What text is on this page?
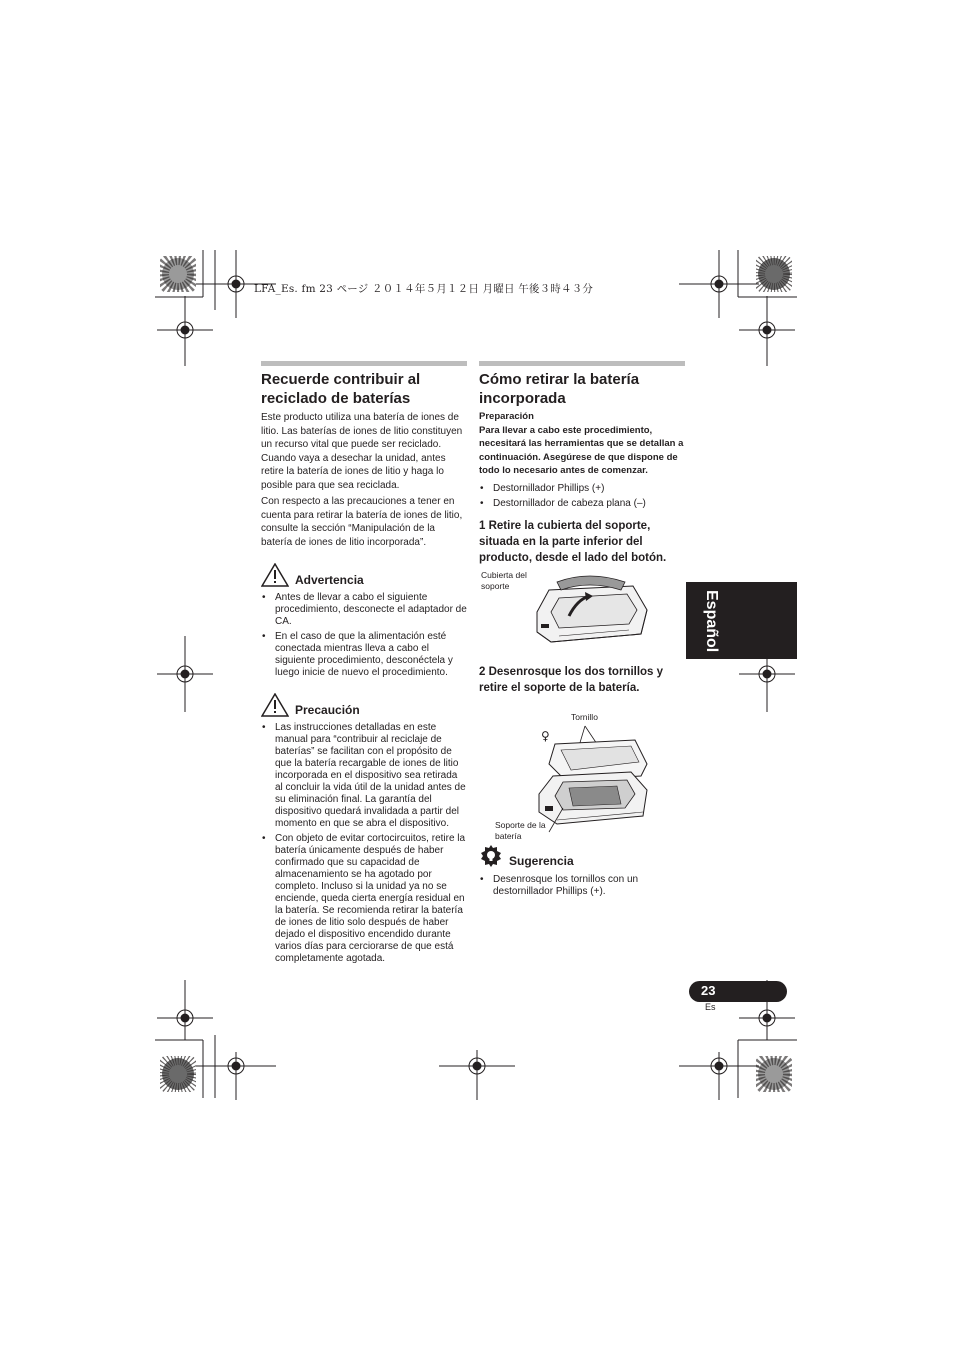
LFA_Es. fm 23 ページ ２０１４年５月１２日 月曜日 午後３時４３分
Recuerde contribuir al reciclado de baterías

Este producto utiliza una batería de iones de litio. Las baterías de iones de litio constituyen un recurso vital que puede ser reciclado. Cuando vaya a desechar la unidad, antes retire la batería de iones de litio y haga lo posible para que sea reciclada.

Con respecto a las precauciones a tener en cuenta para retirar la batería de iones de litio, consulte la sección “Manipulación de la batería de iones de litio incorporada”.

Advertencia
• Antes de llevar a cabo el siguiente procedimiento, desconecte el adaptador de CA.
• En el caso de que la alimentación esté conectada mientras lleva a cabo el siguiente procedimiento, desconéctela y luego inicie de nuevo el procedimiento.
Precaución
• Las instrucciones detalladas en este manual para “contribuir al reciclaje de baterías” se facilitan con el propósito de que la batería recargable de iones de litio incorporada en el dispositivo sea retirada al concluir la vida útil de la unidad antes de su eliminación final. La garantía del dispositivo quedará invalidada a partir del momento en que se abra el dispositivo.
• Con objeto de evitar cortocircuitos, retire la batería únicamente después de haber confirmado que su capacidad de almacenamiento se ha agotado por completo. Incluso si la unidad ya no se enciende, queda cierta energía residual en la batería. Se recomienda retirar la batería de iones de litio solo después de haber dejado el dispositivo encendido durante varios días para cerciorarse de que está completamente agotada.
Cómo retirar la batería incorporada

Preparación

Para llevar a cabo este procedimiento, necesitará las herramientas que se detallan a continuación. Asegúrese de que dispone de todo lo necesario antes de comenzar.

• Destornillador Phillips (+)
• Destornillador de cabeza plana (–)

1 Retire la cubierta del soporte, situada en la parte inferior del producto, desde el lado del botón.

Cubierta del soporte

2 Desenrosque los dos tornillos y retire el soporte de la batería.

Tornillo
Soporte de la batería
♀
Sugerencia
• Desenrosque los tornillos con un destornillador Phillips (+).
Español
23
Es
